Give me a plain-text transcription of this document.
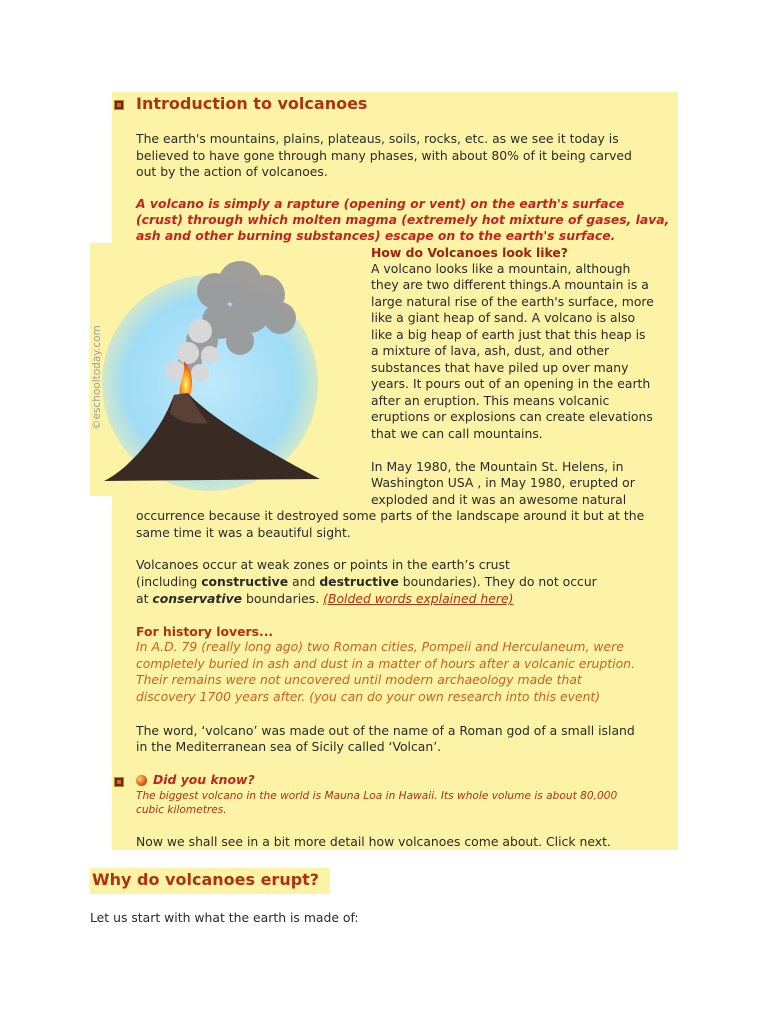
Introduction to volcanoes
The earth's mountains, plains, plateaus, soils, rocks, etc. as we see it today is
believed to have gone through many phases, with about 80% of it being carved
out by the action of volcanoes.
A volcano is simply a rapture (opening or vent) on the earth's surface
(crust) through which molten magma (extremely hot mixture of gases, lava,
ash and other burning substances) escape on to the earth's surface.
©eschooltoday.com
How do Volcanoes look like?
A volcano looks like a mountain, although
they are two different things.A mountain is a
large natural rise of the earth's surface, more
like a giant heap of sand. A volcano is also
like a big heap of earth just that this heap is
a mixture of lava, ash, dust, and other
substances that have piled up over many
years. It pours out of an opening in the earth
after an eruption. This means volcanic
eruptions or explosions can create elevations
that we can call mountains.
In May 1980, the Mountain St. Helens, in
Washington USA , in May 1980, erupted or
exploded and it was an awesome natural
occurrence because it destroyed some parts of the landscape around it but at the
same time it was a beautiful sight.
Volcanoes occur at weak zones or points in the earth’s crust
(including constructive and destructive boundaries). They do not occur
at conservative boundaries. (Bolded words explained here)
For history lovers...
In A.D. 79 (really long ago) two Roman cities, Pompeii and Herculaneum, were
completely buried in ash and dust in a matter of hours after a volcanic eruption.
Their remains were not uncovered until modern archaeology made that
discovery 1700 years after. (you can do your own research into this event)
The word, ‘volcano’ was made out of the name of a Roman god of a small island
in the Mediterranean sea of Sicily called ‘Volcan’.
Did you know?
The biggest volcano in the world is Mauna Loa in Hawaii. Its whole volume is about 80,000
cubic kilometres.
Now we shall see in a bit more detail how volcanoes come about. Click next.
Why do volcanoes erupt?
Let us start with what the earth is made of:
